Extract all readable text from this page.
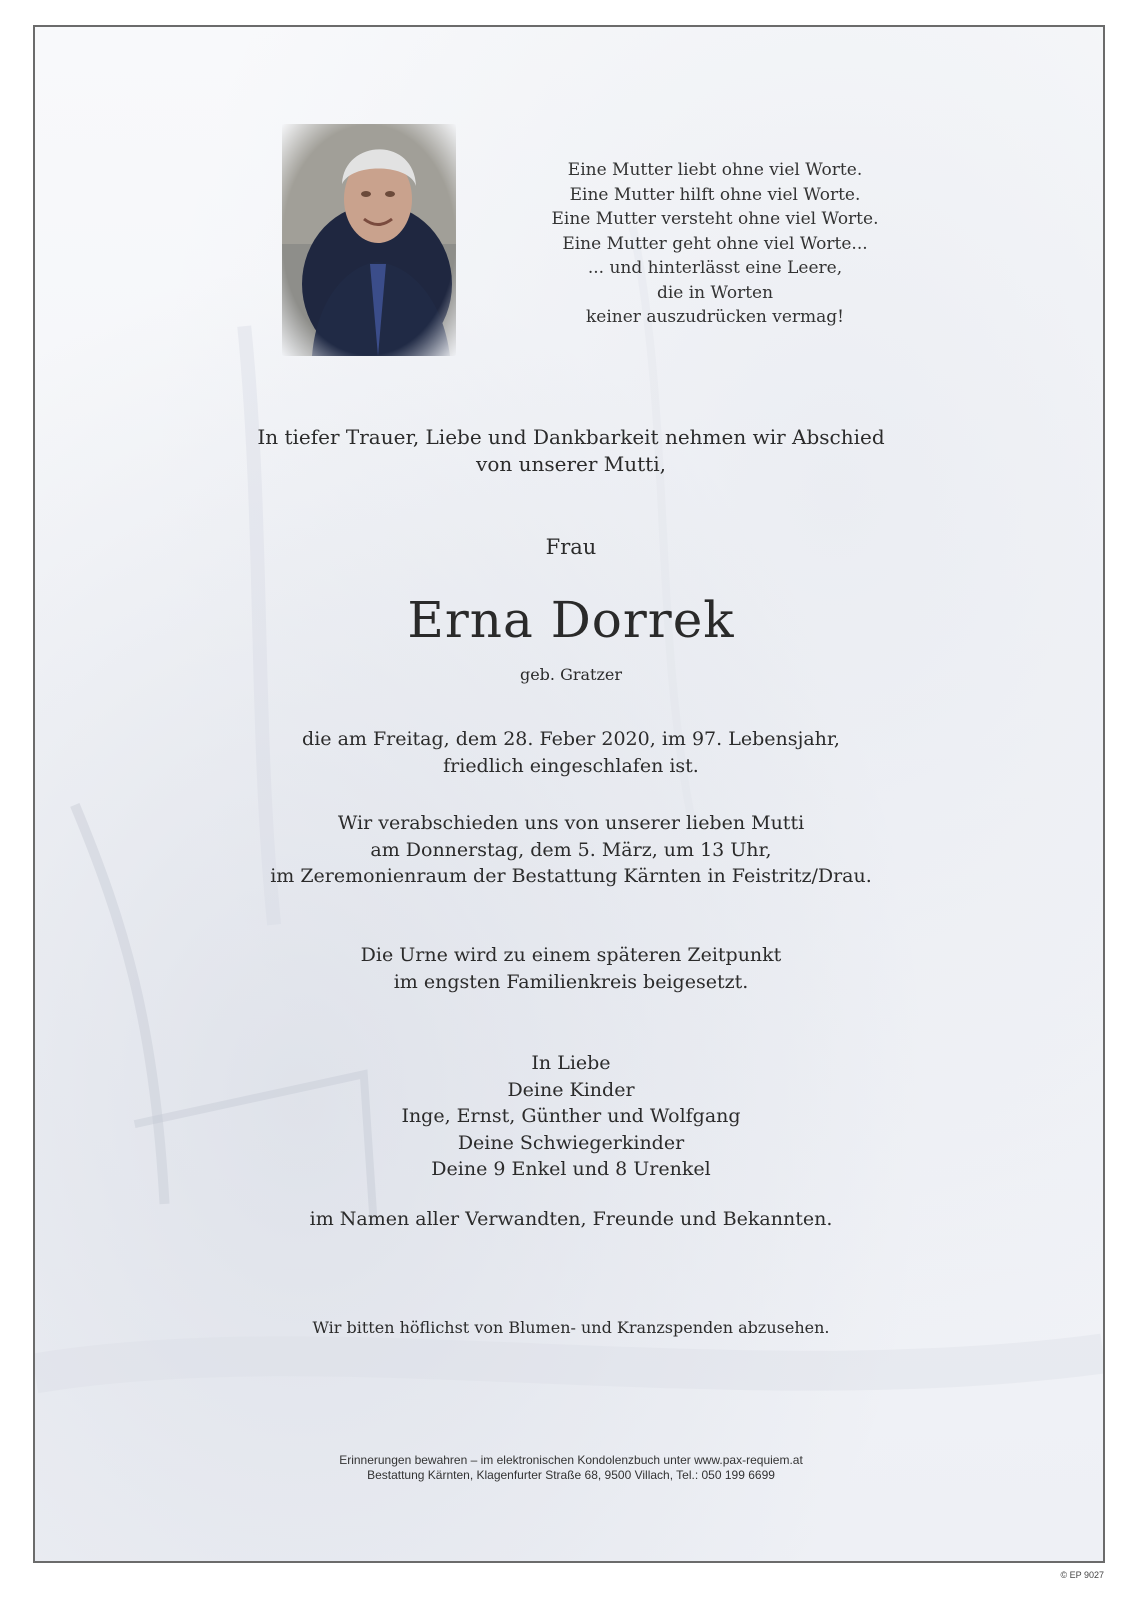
Eine Mutter liebt ohne viel Worte.
Eine Mutter hilft ohne viel Worte.
Eine Mutter versteht ohne viel Worte.
Eine Mutter geht ohne viel Worte...
... und hinterlässt eine Leere,
die in Worten
keiner auszudrücken vermag!
In tiefer Trauer, Liebe und Dankbarkeit nehmen wir Abschied
von unserer Mutti,
Frau
Erna Dorrek
geb. Gratzer
die am Freitag, dem 28. Feber 2020, im 97. Lebensjahr,
friedlich eingeschlafen ist.
Wir verabschieden uns von unserer lieben Mutti
am Donnerstag, dem 5. März, um 13 Uhr,
im Zeremonienraum der Bestattung Kärnten in Feistritz/Drau.
Die Urne wird zu einem späteren Zeitpunkt
im engsten Familienkreis beigesetzt.
In Liebe
Deine Kinder
Inge, Ernst, Günther und Wolfgang
Deine Schwiegerkinder
Deine 9 Enkel und 8 Urenkel
im Namen aller Verwandten, Freunde und Bekannten.
Wir bitten höflichst von Blumen- und Kranzspenden abzusehen.
Erinnerungen bewahren – im elektronischen Kondolenzbuch unter www.pax-requiem.at
Bestattung Kärnten, Klagenfurter Straße 68, 9500 Villach, Tel.: 050 199 6699
© EP 9027
